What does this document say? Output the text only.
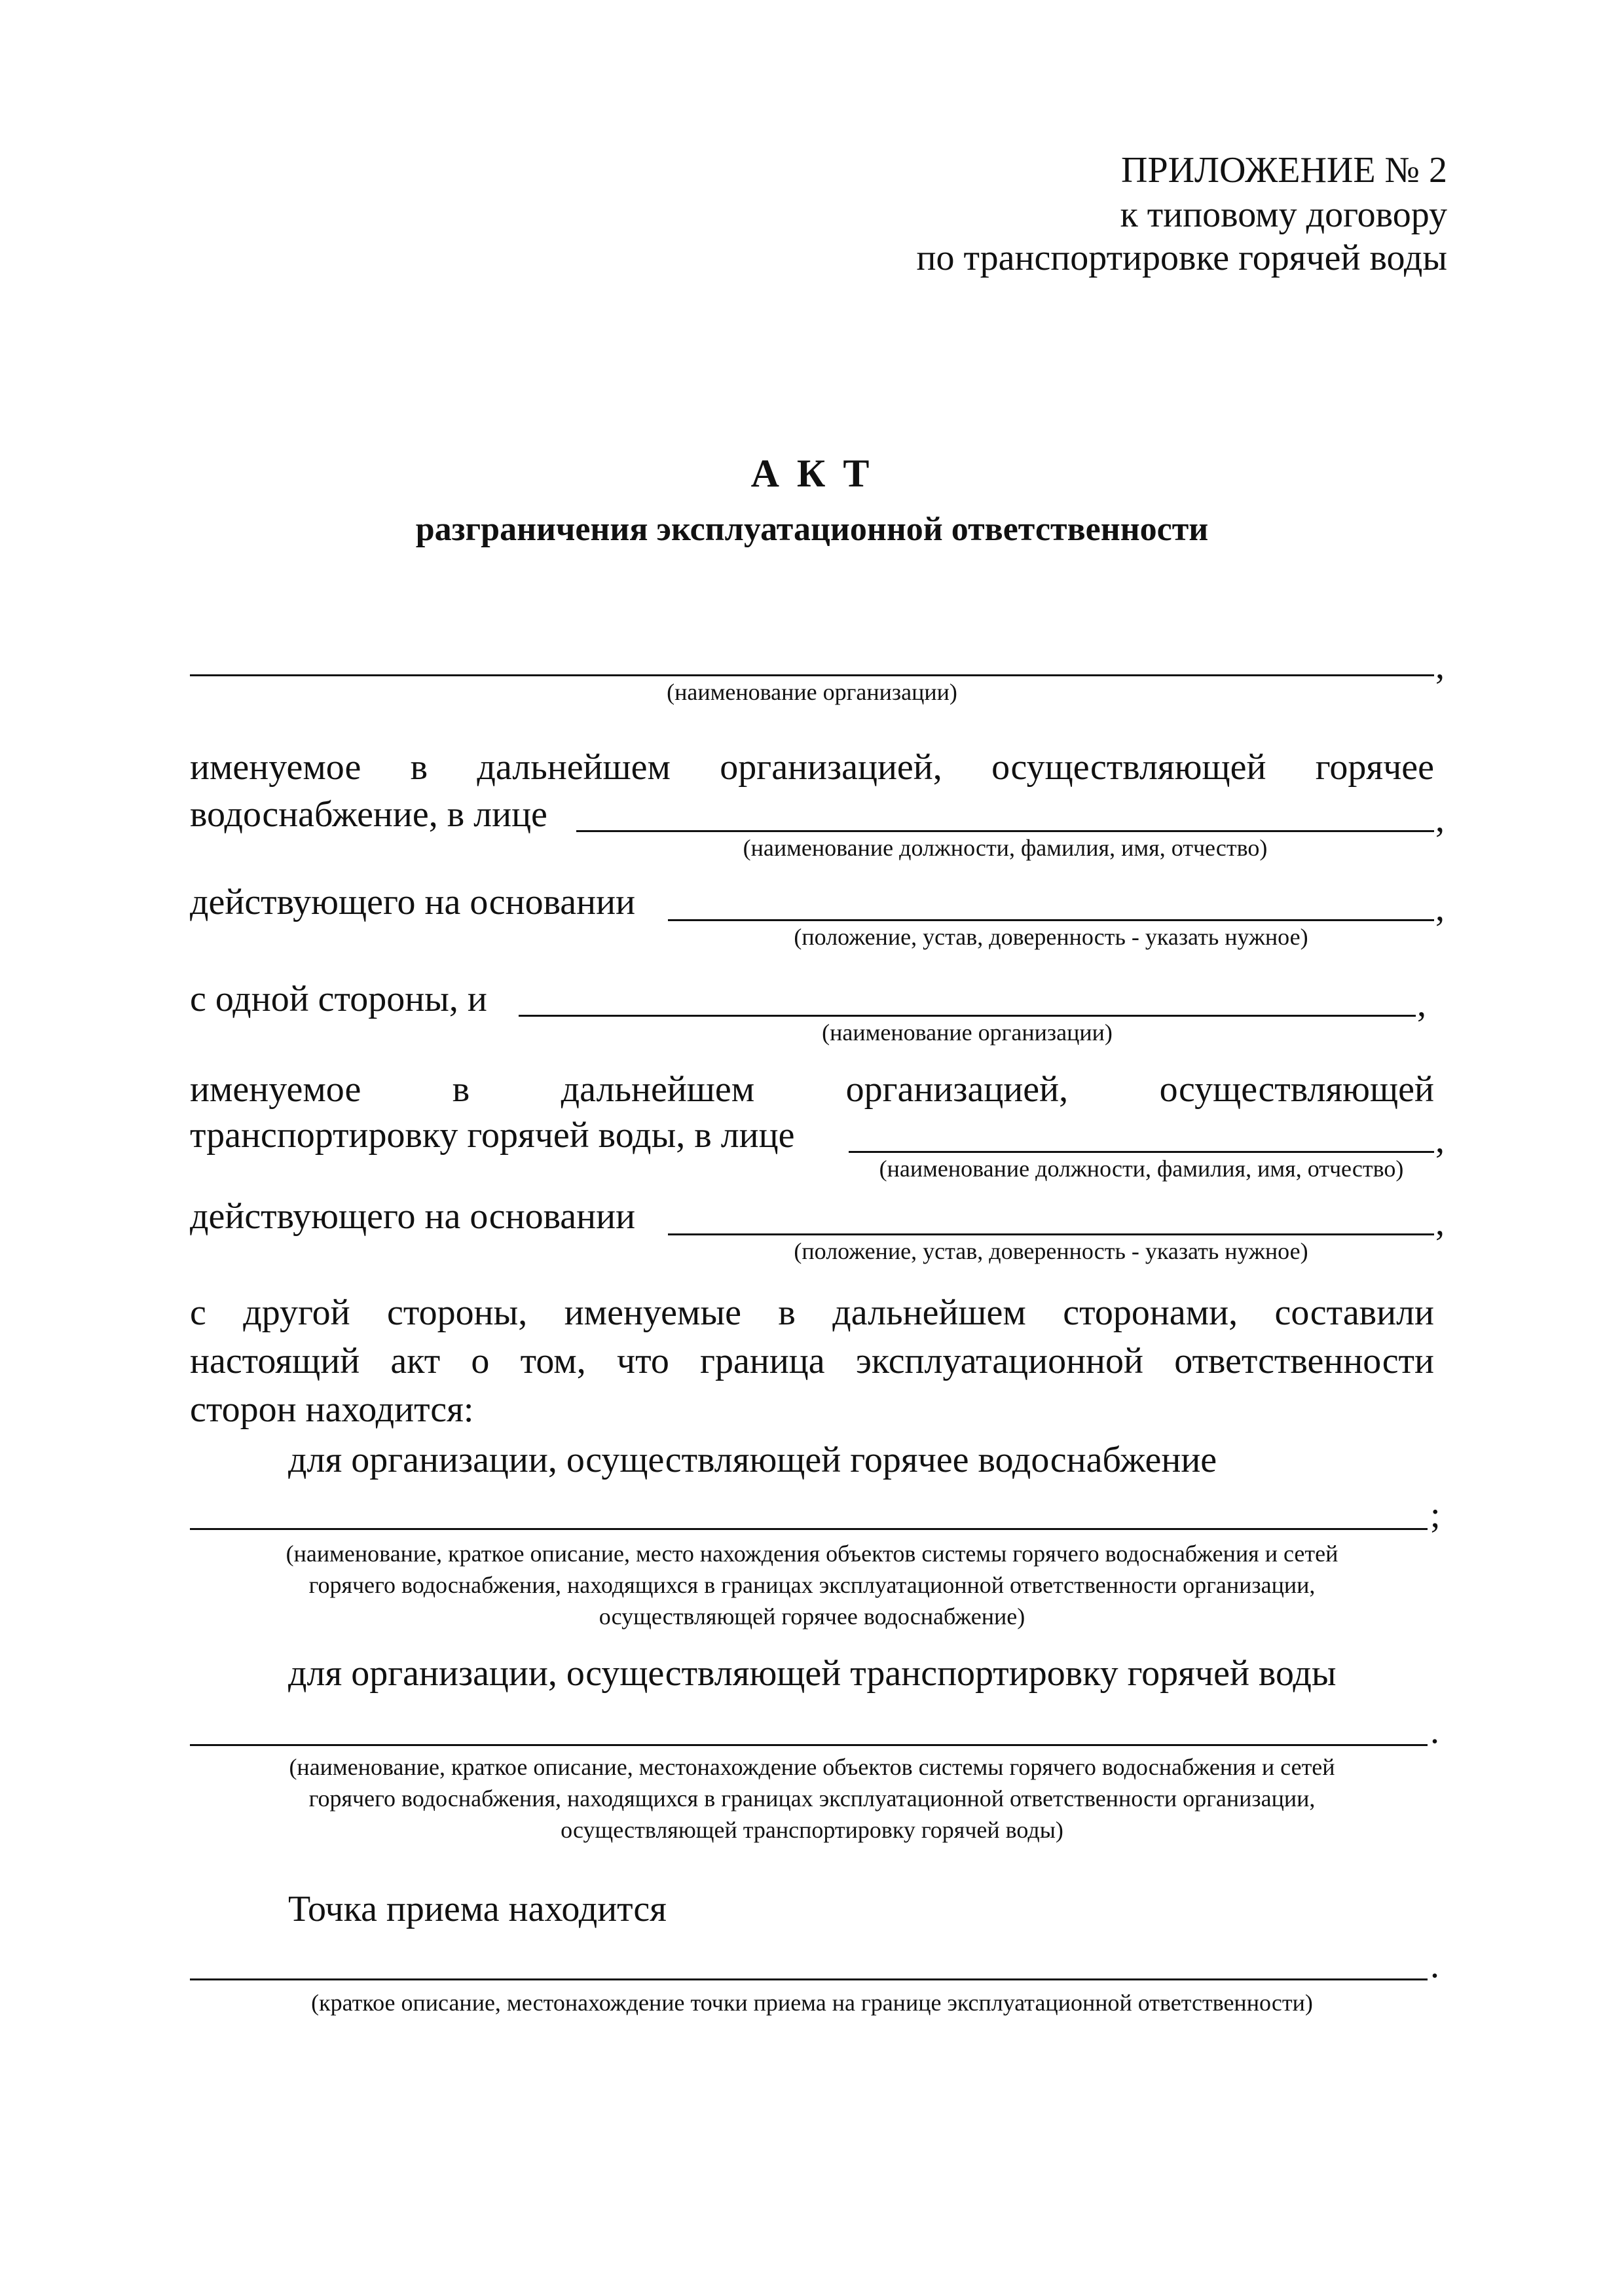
ПРИЛОЖЕНИЕ № 2
к типовому договору
по транспортировке горячей воды
А К Т
разграничения эксплуатационной ответственности
,
(наименование организации)
именуемое в дальнейшем организацией, осуществляющей горячее
водоснабжение, в лице	,
(наименование должности, фамилия, имя, отчество)
действующего на основании	,
(положение, устав, доверенность - указать нужное)
с одной стороны, и	,
(наименование организации)
именуемое в дальнейшем организацией, осуществляющей
транспортировку горячей воды, в лице	,
(наименование должности, фамилия, имя, отчество)
действующего на основании	,
(положение, устав, доверенность - указать нужное)
с другой стороны, именуемые в дальнейшем сторонами, составили
настоящий акт о том, что граница эксплуатационной ответственности
сторон находится:
для организации, осуществляющей горячее водоснабжение
;
(наименование, краткое описание, место нахождения объектов системы горячего водоснабжения и сетей
горячего водоснабжения, находящихся в границах эксплуатационной ответственности организации,
осуществляющей горячее водоснабжение)
для организации, осуществляющей транспортировку горячей воды
.
(наименование, краткое описание, местонахождение объектов системы горячего водоснабжения и сетей
горячего водоснабжения, находящихся в границах эксплуатационной ответственности организации,
осуществляющей транспортировку горячей воды)
Точка приема находится
.
(краткое описание, местонахождение точки приема на границе эксплуатационной ответственности)
